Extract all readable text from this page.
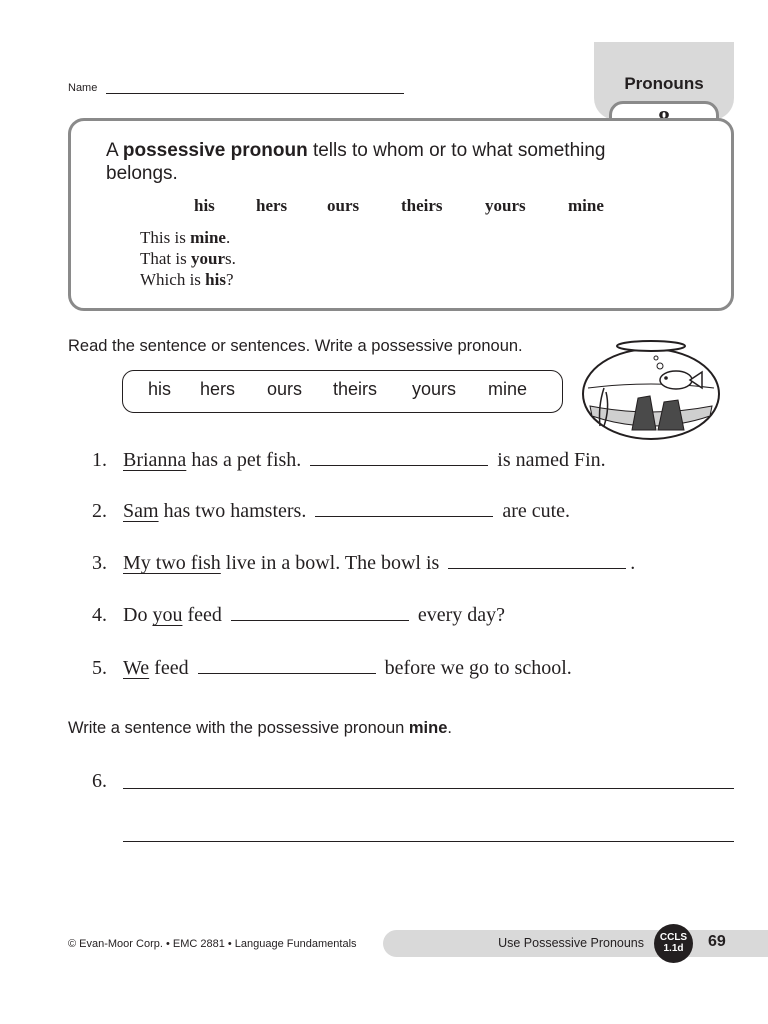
Name	Pronouns
A possessive pronoun tells to whom or to what something belongs.
his hers ours theirs yours mine
This is mine.
That is yours.
Which is his?
Read the sentence or sentences. Write a possessive pronoun.
his hers ours theirs yours mine
1. Brianna has a pet fish.	is named Fin.
2. Sam has two hamsters.	are cute.
3. My two fish live in a bowl. The bowl is	.
4. Do you feed	every day?
5. We feed	before we go to school.
Write a sentence with the possessive pronoun mine.
6.
© Evan-Moor Corp. • EMC 2881 • Language Fundamentals	Use Possessive Pronouns	CCLS
1.1d	69
